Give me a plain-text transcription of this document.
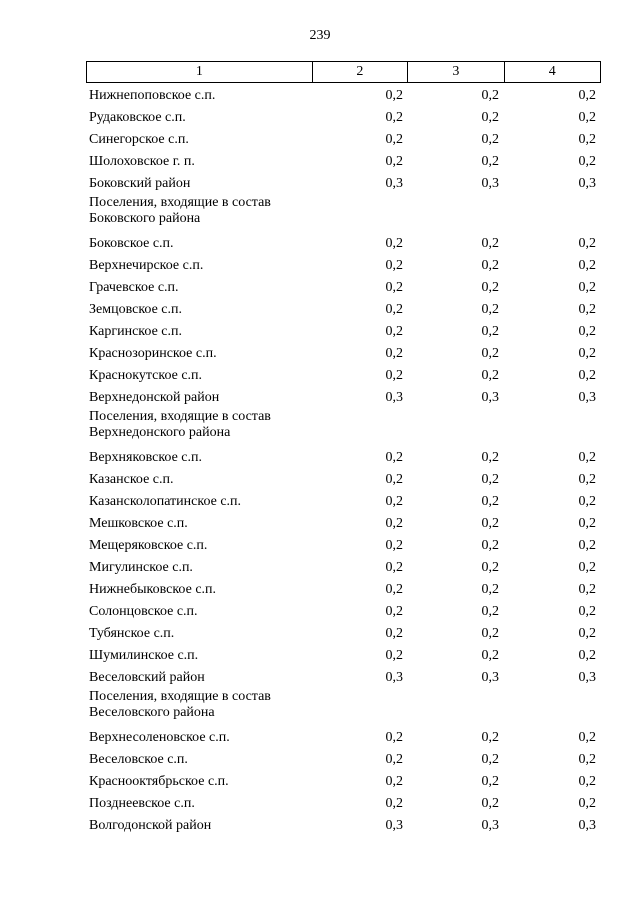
239
1	2	3	4
Нижнепоповское с.п.	0,2	0,2	0,2
Рудаковское с.п.	0,2	0,2	0,2
Синегорское с.п.	0,2	0,2	0,2
Шолоховское г. п.	0,2	0,2	0,2
Боковский район	0,3	0,3	0,3
Поселения, входящие в состав Боковского района
Боковское с.п.	0,2	0,2	0,2
Верхнечирское с.п.	0,2	0,2	0,2
Грачевское с.п.	0,2	0,2	0,2
Земцовское с.п.	0,2	0,2	0,2
Каргинское с.п.	0,2	0,2	0,2
Краснозоринское с.п.	0,2	0,2	0,2
Краснокутское с.п.	0,2	0,2	0,2
Верхнедонской район	0,3	0,3	0,3
Поселения, входящие в состав Верхнедонского района
Верхняковское с.п.	0,2	0,2	0,2
Казанское с.п.	0,2	0,2	0,2
Казансколопатинское с.п.	0,2	0,2	0,2
Мешковское с.п.	0,2	0,2	0,2
Мещеряковское с.п.	0,2	0,2	0,2
Мигулинское с.п.	0,2	0,2	0,2
Нижнебыковское с.п.	0,2	0,2	0,2
Солонцовское с.п.	0,2	0,2	0,2
Тубянское с.п.	0,2	0,2	0,2
Шумилинское с.п.	0,2	0,2	0,2
Веселовский район	0,3	0,3	0,3
Поселения, входящие в состав Веселовского района
Верхнесоленовское с.п.	0,2	0,2	0,2
Веселовское с.п.	0,2	0,2	0,2
Краснооктябрьское с.п.	0,2	0,2	0,2
Позднеевское с.п.	0,2	0,2	0,2
Волгодонской район	0,3	0,3	0,3
